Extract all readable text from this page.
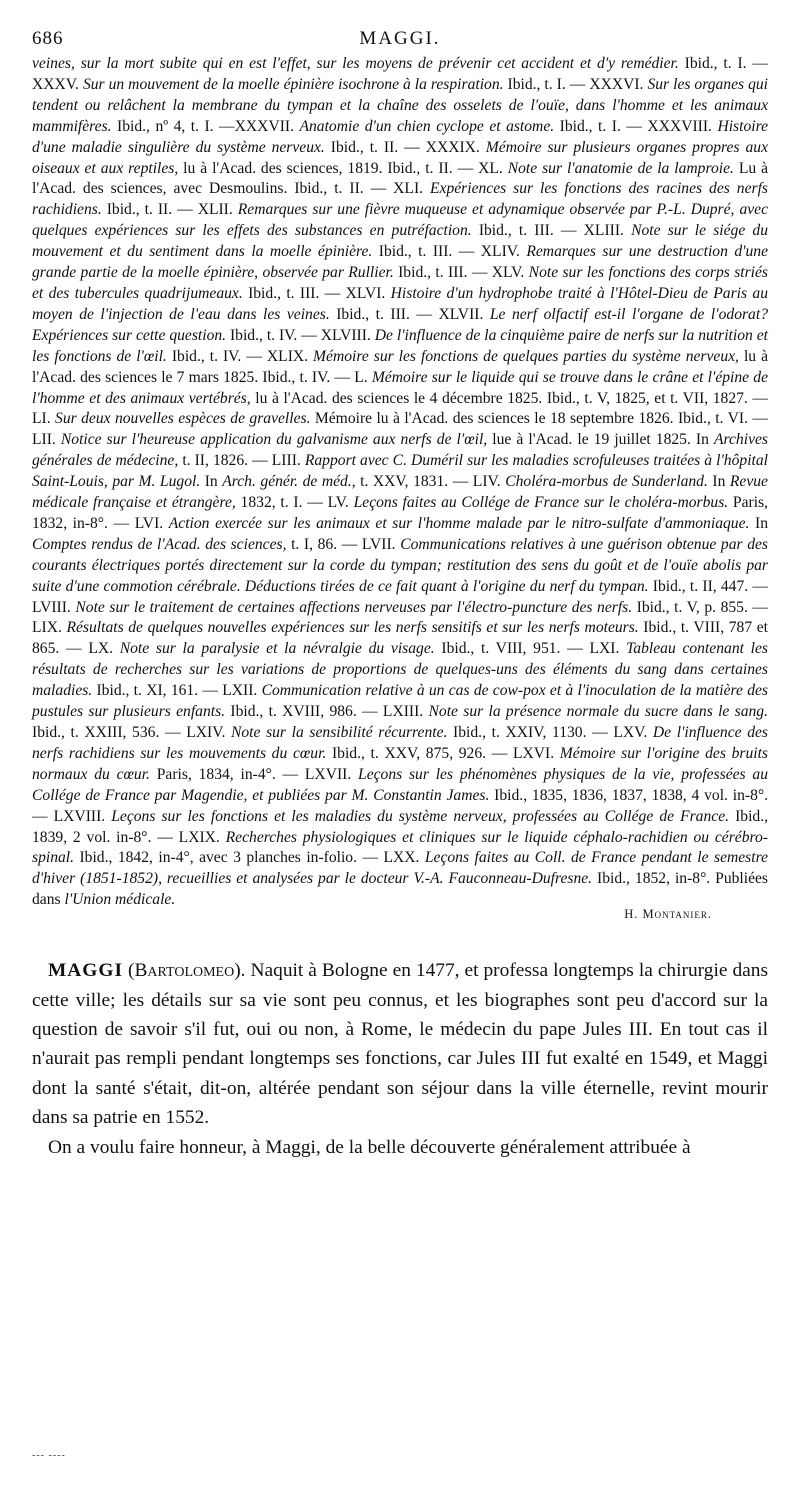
686	MAGGI.

veines, sur la mort subite qui en est l'effet, sur les moyens de prévenir cet accident et d'y remédier. Ibid., t. I. — XXXV. Sur un mouvement de la moelle épinière isochrone à la respiration. Ibid., t. I. — XXXVI. Sur les organes qui tendent ou relâchent la membrane du tympan et la chaîne des osselets de l'ouïe, dans l'homme et les animaux mammifères. Ibid., nº 4, t. I. —XXXVII. Anatomie d'un chien cyclope et astome. Ibid., t. I. — XXXVIII. Histoire d'une maladie singulière du système nerveux. Ibid., t. II. — XXXIX. Mémoire sur plusieurs organes propres aux oiseaux et aux reptiles, lu à l'Acad. des sciences, 1819. Ibid., t. II. — XL. Note sur l'anatomie de la lamproie. Lu à l'Acad. des sciences, avec Desmoulins. Ibid., t. II. — XLI. Expériences sur les fonctions des racines des nerfs rachidiens. Ibid., t. II. — XLII. Remarques sur une fièvre muqueuse et adynamique observée par P.-L. Dupré, avec quelques expériences sur les effets des substances en putréfaction. Ibid., t. III. — XLIII. Note sur le siége du mouvement et du sentiment dans la moelle épinière. Ibid., t. III. — XLIV. Remarques sur une destruction d'une grande partie de la moelle épinière, observée par Rullier. Ibid., t. III. — XLV. Note sur les fonctions des corps striés et des tubercules quadrijumeaux. Ibid., t. III. — XLVI. Histoire d'un hydrophobe traité à l'Hôtel-Dieu de Paris au moyen de l'injection de l'eau dans les veines. Ibid., t. III. — XLVII. Le nerf olfactif est-il l'organe de l'odorat? Expériences sur cette question. Ibid., t. IV. — XLVIII. De l'influence de la cinquième paire de nerfs sur la nutrition et les fonctions de l'œil. Ibid., t. IV. — XLIX. Mémoire sur les fonctions de quelques parties du système nerveux, lu à l'Acad. des sciences le 7 mars 1825. Ibid., t. IV. — L. Mémoire sur le liquide qui se trouve dans le crâne et l'épine de l'homme et des animaux vertébrés, lu à l'Acad. des sciences le 4 décembre 1825. Ibid., t. V, 1825, et t. VII, 1827. — LI. Sur deux nouvelles espèces de gravelles. Mémoire lu à l'Acad. des sciences le 18 septembre 1826. Ibid., t. VI. — LII. Notice sur l'heureuse application du galvanisme aux nerfs de l'œil, lue à l'Acad. le 19 juillet 1825. In Archives générales de médecine, t. II, 1826. — LIII. Rapport avec C. Duméril sur les maladies scrofuleuses traitées à l'hôpital Saint-Louis, par M. Lugol. In Arch. génér. de méd., t. XXV, 1831. — LIV. Choléra-morbus de Sunderland. In Revue médicale française et étrangère, 1832, t. I. — LV. Leçons faites au Collége de France sur le choléra-morbus. Paris, 1832, in-8°. — LVI. Action exercée sur les animaux et sur l'homme malade par le nitro-sulfate d'ammoniaque. In Comptes rendus de l'Acad. des sciences, t. I, 86. — LVII. Communications relatives à une guérison obtenue par des courants électriques portés directement sur la corde du tympan; restitution des sens du goût et de l'ouïe abolis par suite d'une commotion cérébrale. Déductions tirées de ce fait quant à l'origine du nerf du tympan. Ibid., t. II, 447. — LVIII. Note sur le traitement de certaines affections nerveuses par l'électro-puncture des nerfs. Ibid., t. V, p. 855. — LIX. Résultats de quelques nouvelles expériences sur les nerfs sensitifs et sur les nerfs moteurs. Ibid., t. VIII, 787 et 865. — LX. Note sur la paralysie et la névralgie du visage. Ibid., t. VIII, 951. — LXI. Tableau contenant les résultats de recherches sur les variations de proportions de quelques-uns des éléments du sang dans certaines maladies. Ibid., t. XI, 161. — LXII. Communication relative à un cas de cow-pox et à l'inoculation de la matière des pustules sur plusieurs enfants. Ibid., t. XVIII, 986. — LXIII. Note sur la présence normale du sucre dans le sang. Ibid., t. XXIII, 536. — LXIV. Note sur la sensibilité récurrente. Ibid., t. XXIV, 1130. — LXV. De l'influence des nerfs rachidiens sur les mouvements du cœur. Ibid., t. XXV, 875, 926. — LXVI. Mémoire sur l'origine des bruits normaux du cœur. Paris, 1834, in-4°. — LXVII. Leçons sur les phénomènes physiques de la vie, professées au Collége de France par Magendie, et publiées par M. Constantin James. Ibid., 1835, 1836, 1837, 1838, 4 vol. in-8°. — LXVIII. Leçons sur les fonctions et les maladies du système nerveux, professées au Collége de France. Ibid., 1839, 2 vol. in-8°. — LXIX. Recherches physiologiques et cliniques sur le liquide céphalo-rachidien ou cérébro-spinal. Ibid., 1842, in-4°, avec 3 planches in-folio. — LXX. Leçons faites au Coll. de France pendant le semestre d'hiver (1851-1852), recueillies et analysées par le docteur V.-A. Fauconneau-Dufresne. Ibid., 1852, in-8°. Publiées dans l'Union médicale.

H. Montanier.

MAGGI (Bartolomeo). Naquit à Bologne en 1477, et professa longtemps la chirurgie dans cette ville; les détails sur sa vie sont peu connus, et les biographes sont peu d'accord sur la question de savoir s'il fut, oui ou non, à Rome, le médecin du pape Jules III. En tout cas il n'aurait pas rempli pendant longtemps ses fonctions, car Jules III fut exalté en 1549, et Maggi dont la santé s'était, dit-on, altérée pendant son séjour dans la ville éternelle, revint mourir dans sa patrie en 1552.

On a voulu faire honneur, à Maggi, de la belle découverte généralement attribuée à

--- ----
